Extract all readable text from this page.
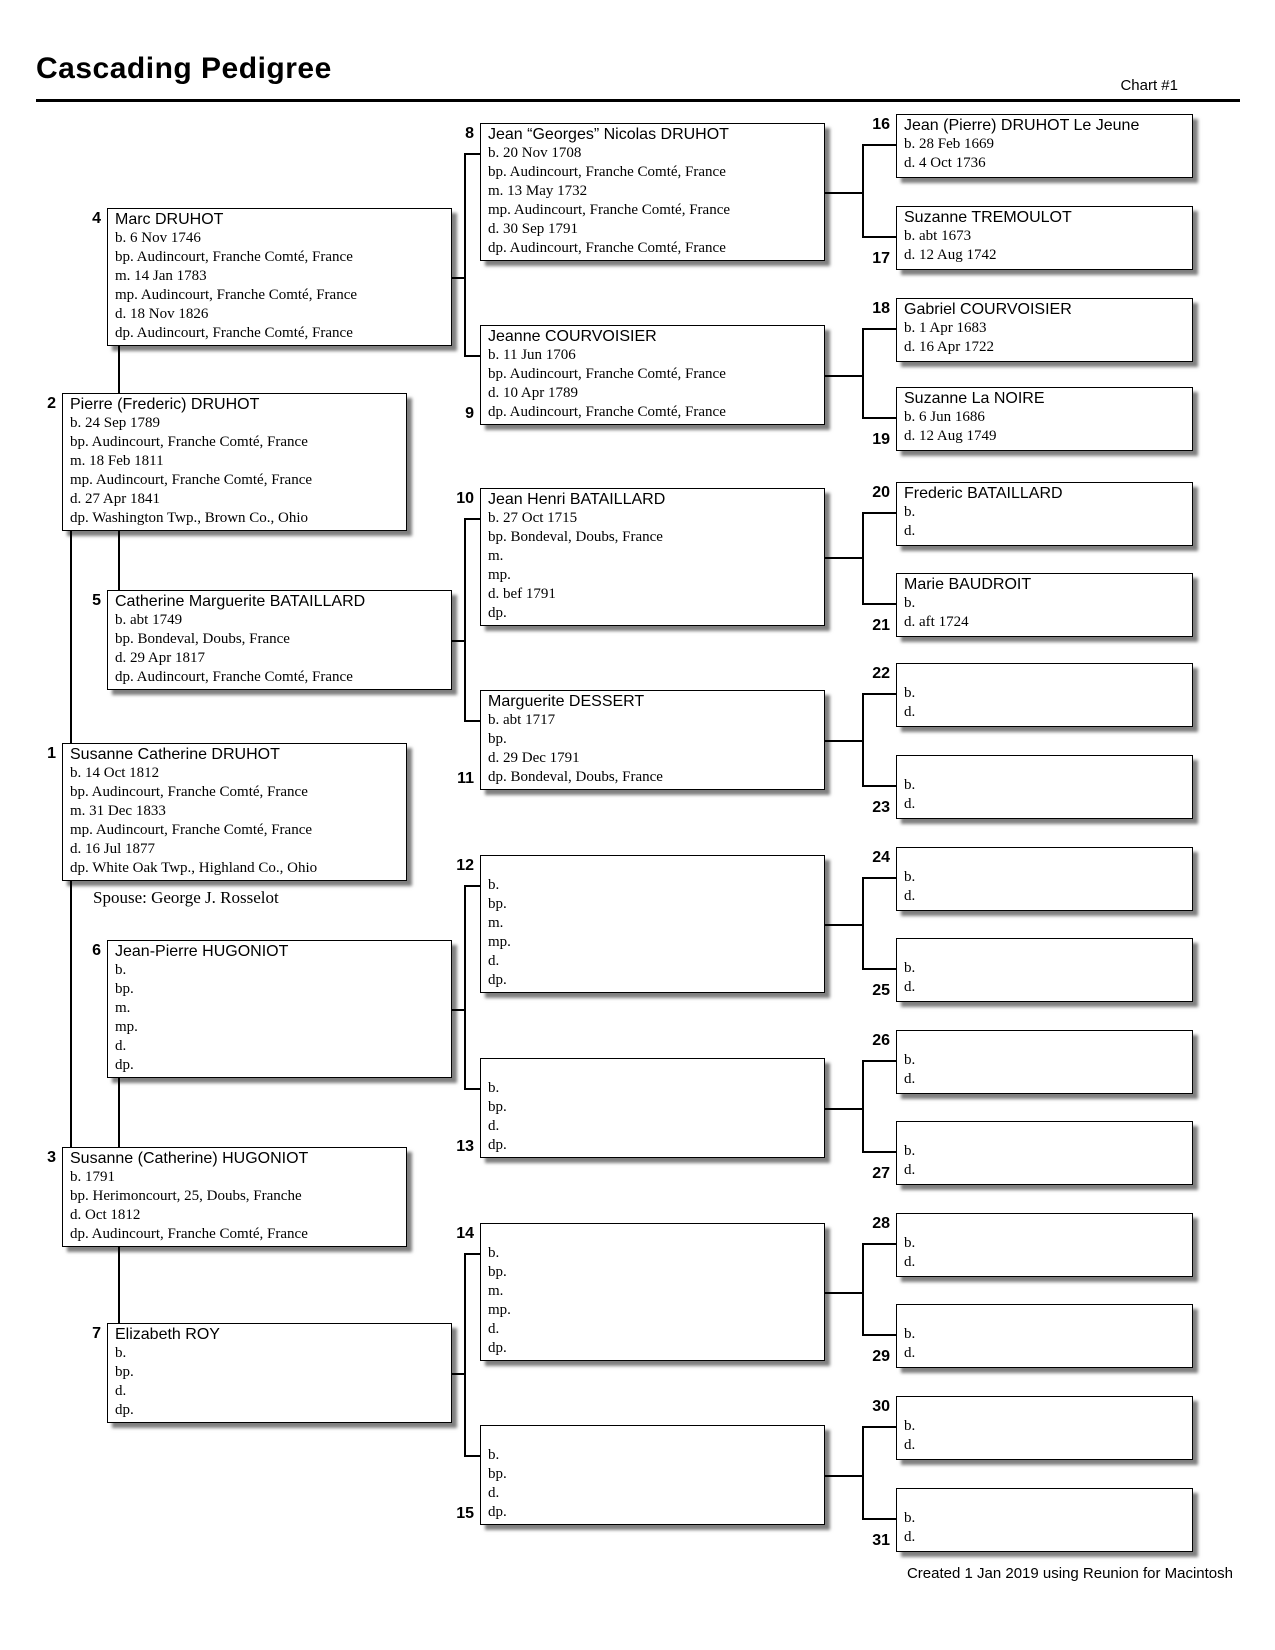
Cascading Pedigree
Chart #1
Spouse: George J. Rosselot
Created 1 Jan 2019 using Reunion for Macintosh
Susanne Catherine DRUHOT
b. 14 Oct 1812
bp. Audincourt, Franche Comté, France
m. 31 Dec 1833
mp. Audincourt, Franche Comté, France
d. 16 Jul 1877
dp. White Oak Twp., Highland Co., Ohio
1
Pierre (Frederic) DRUHOT
b. 24 Sep 1789
bp. Audincourt, Franche Comté, France
m. 18 Feb 1811
mp. Audincourt, Franche Comté, France
d. 27 Apr 1841
dp. Washington Twp., Brown Co., Ohio
2
Susanne (Catherine) HUGONIOT
b. 1791
bp. Herimoncourt, 25, Doubs, Franche
d. Oct 1812
dp. Audincourt, Franche Comté, France
3
Marc DRUHOT
b. 6 Nov 1746
bp. Audincourt, Franche Comté, France
m. 14 Jan 1783
mp. Audincourt, Franche Comté, France
d. 18 Nov 1826
dp. Audincourt, Franche Comté, France
4
Catherine Marguerite BATAILLARD
b. abt 1749
bp. Bondeval, Doubs, France
d. 29 Apr 1817
dp. Audincourt, Franche Comté, France
5
Jean-Pierre HUGONIOT
b.
bp.
m.
mp.
d.
dp.
6
Elizabeth ROY
b.
bp.
d.
dp.
7
Jean “Georges” Nicolas DRUHOT
b. 20 Nov 1708
bp. Audincourt, Franche Comté, France
m. 13 May 1732
mp. Audincourt, Franche Comté, France
d. 30 Sep 1791
dp. Audincourt, Franche Comté, France
8
Jeanne COURVOISIER
b. 11 Jun 1706
bp. Audincourt, Franche Comté, France
d. 10 Apr 1789
dp. Audincourt, Franche Comté, France
9
Jean Henri BATAILLARD
b. 27 Oct 1715
bp. Bondeval, Doubs, France
m.
mp.
d. bef 1791
dp.
10
Marguerite DESSERT
b. abt 1717
bp.
d. 29 Dec 1791
dp. Bondeval, Doubs, France
11
b.
bp.
m.
mp.
d.
dp.
12
b.
bp.
d.
dp.
13
b.
bp.
m.
mp.
d.
dp.
14
b.
bp.
d.
dp.
15
Jean (Pierre) DRUHOT Le Jeune
b. 28 Feb 1669
d. 4 Oct 1736
16
Suzanne TREMOULOT
b. abt 1673
d. 12 Aug 1742
17
Gabriel COURVOISIER
b. 1 Apr 1683
d. 16 Apr 1722
18
Suzanne La NOIRE
b. 6 Jun 1686
d. 12 Aug 1749
19
Frederic BATAILLARD
b.
d.
20
Marie BAUDROIT
b.
d. aft 1724
21
b.
d.
22
b.
d.
23
b.
d.
24
b.
d.
25
b.
d.
26
b.
d.
27
b.
d.
28
b.
d.
29
b.
d.
30
b.
d.
31
